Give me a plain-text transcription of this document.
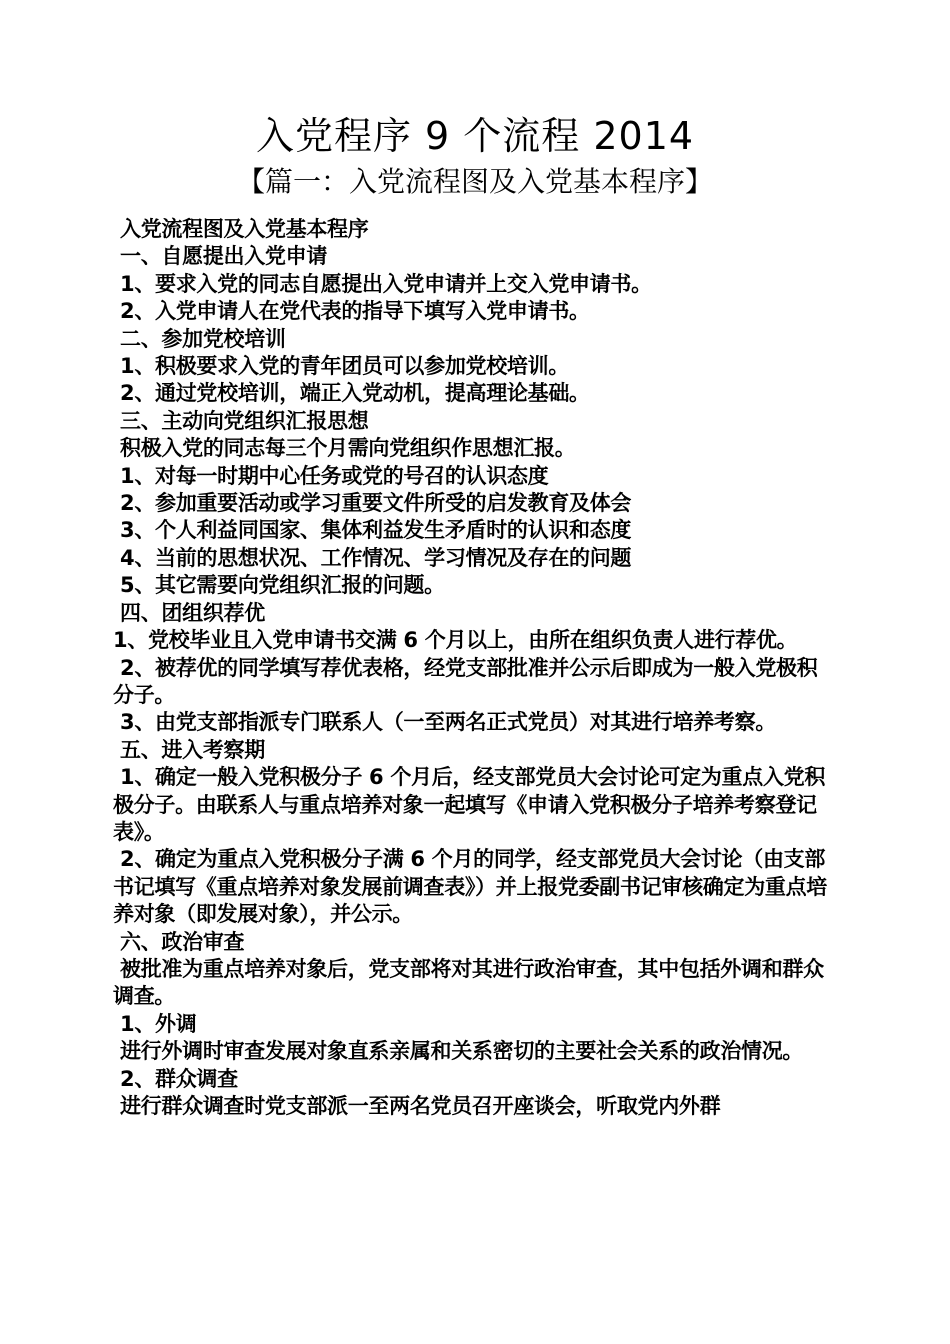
入党程序 9 个流程 2014
【篇一：入党流程图及入党基本程序】

入党流程图及入党基本程序

一、自愿提出入党申请

1、要求入党的同志自愿提出入党申请并上交入党申请书。

2、入党申请人在党代表的指导下填写入党申请书。

二、参加党校培训

1、积极要求入党的青年团员可以参加党校培训。

2、通过党校培训，端正入党动机，提高理论基础。

三、主动向党组织汇报思想

积极入党的同志每三个月需向党组织作思想汇报。

1、对每一时期中心任务或党的号召的认识态度

2、参加重要活动或学习重要文件所受的启发教育及体会

3、个人利益同国家、集体利益发生矛盾时的认识和态度

4、当前的思想状况、工作情况、学习情况及存在的问题

5、其它需要向党组织汇报的问题。

四、团组织荐优

1、党校毕业且入党申请书交满 6 个月以上，由所在组织负责人进行荐优。

2、被荐优的同学填写荐优表格，经党支部批准并公示后即成为一般入党极积分子。

3、由党支部指派专门联系人（一至两名正式党员）对其进行培养考察。

五、进入考察期

1、确定一般入党积极分子 6 个月后，经支部党员大会讨论可定为重点入党积极分子。由联系人与重点培养对象一起填写《申请入党积极分子培养考察登记表》。

2、确定为重点入党积极分子满 6 个月的同学，经支部党员大会讨论（由支部书记填写《重点培养对象发展前调查表》）并上报党委副书记审核确定为重点培养对象（即发展对象），并公示。

六、政治审查

被批准为重点培养对象后，党支部将对其进行政治审查，其中包括外调和群众调查。

1、外调

进行外调时审查发展对象直系亲属和关系密切的主要社会关系的政治情况。

2、群众调查

进行群众调查时党支部派一至两名党员召开座谈会，听取党内外群
